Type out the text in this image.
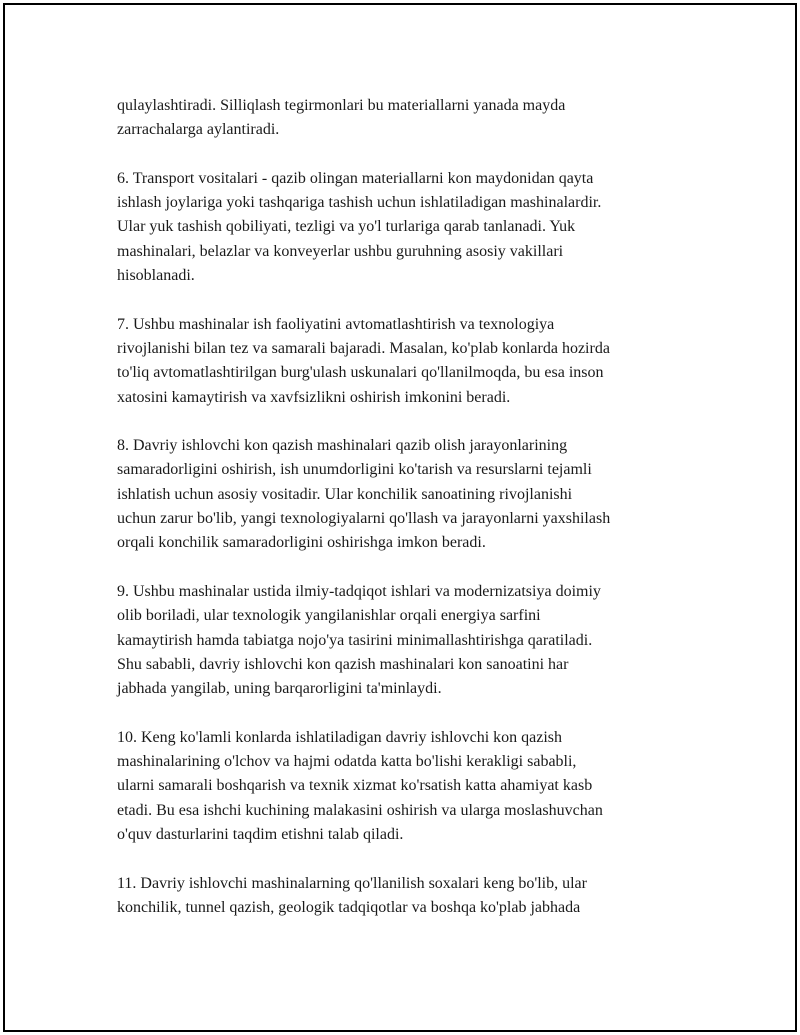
qulaylashtiradi. Silliqlash tegirmonlari bu materiallarni yanada mayda
zarrachalarga aylantiradi.

6. Transport vositalari - qazib olingan materiallarni kon maydonidan qayta
ishlash joylariga yoki tashqariga tashish uchun ishlatiladigan mashinalardir.
Ular yuk tashish qobiliyati, tezligi va yo'l turlariga qarab tanlanadi. Yuk
mashinalari, belazlar va konveyerlar ushbu guruhning asosiy vakillari
hisoblanadi.

7. Ushbu mashinalar ish faoliyatini avtomatlashtirish va texnologiya
rivojlanishi bilan tez va samarali bajaradi. Masalan, ko'plab konlarda hozirda
to'liq avtomatlashtirilgan burg'ulash uskunalari qo'llanilmoqda, bu esa inson
xatosini kamaytirish va xavfsizlikni oshirish imkonini beradi.

8. Davriy ishlovchi kon qazish mashinalari qazib olish jarayonlarining
samaradorligini oshirish, ish unumdorligini ko'tarish va resurslarni tejamli
ishlatish uchun asosiy vositadir. Ular konchilik sanoatining rivojlanishi
uchun zarur bo'lib, yangi texnologiyalarni qo'llash va jarayonlarni yaxshilash
orqali konchilik samaradorligini oshirishga imkon beradi.

9. Ushbu mashinalar ustida ilmiy-tadqiqot ishlari va modernizatsiya doimiy
olib boriladi, ular texnologik yangilanishlar orqali energiya sarfini
kamaytirish hamda tabiatga nojo'ya tasirini minimallashtirishga qaratiladi.
Shu sababli, davriy ishlovchi kon qazish mashinalari kon sanoatini har
jabhada yangilab, uning barqarorligini ta'minlaydi.

10. Keng ko'lamli konlarda ishlatiladigan davriy ishlovchi kon qazish
mashinalarining o'lchov va hajmi odatda katta bo'lishi kerakligi sababli,
ularni samarali boshqarish va texnik xizmat ko'rsatish katta ahamiyat kasb
etadi. Bu esa ishchi kuchining malakasini oshirish va ularga moslashuvchan
o'quv dasturlarini taqdim etishni talab qiladi.

11. Davriy ishlovchi mashinalarning qo'llanilish soxalari keng bo'lib, ular
konchilik, tunnel qazish, geologik tadqiqotlar va boshqa ko'plab jabhada
